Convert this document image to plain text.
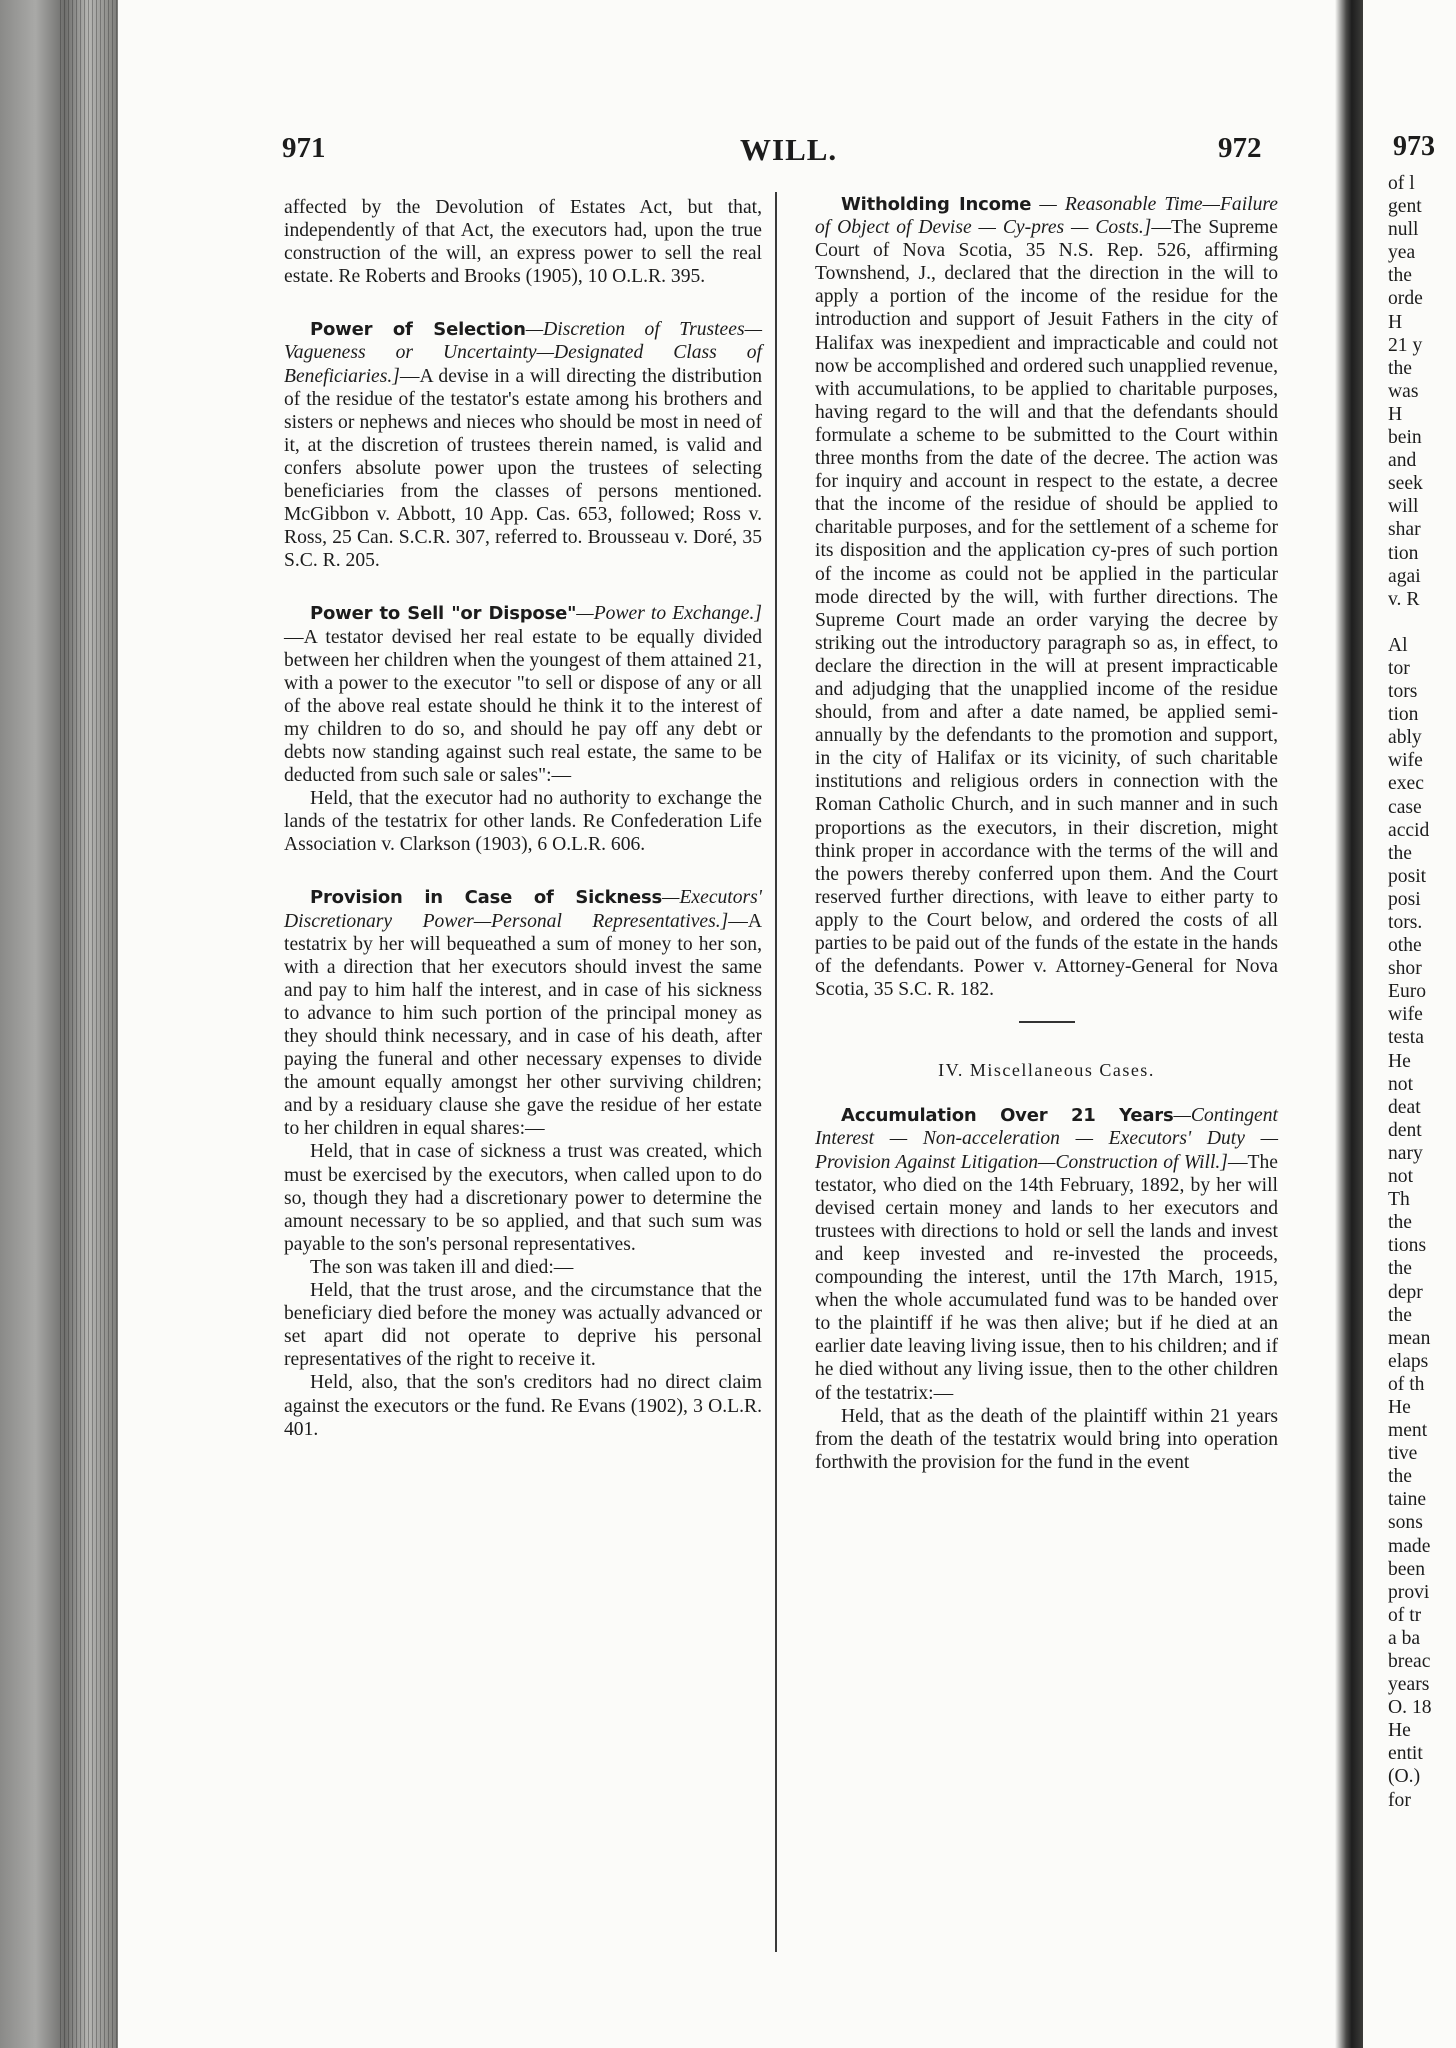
971	WILL.	972

affected by the Devolution of Estates Act, but that, independently of that Act, the executors had, upon the true construction of the will, an express power to sell the real estate. Re Roberts and Brooks (1905), 10 O.L.R. 395.

Power of Selection—Discretion of Trustees—Vagueness or Uncertainty—Designated Class of Beneficiaries.]—A devise in a will directing the distribution of the residue of the testator's estate among his brothers and sisters or nephews and nieces who should be most in need of it, at the discretion of trustees therein named, is valid and confers absolute power upon the trustees of selecting beneficiaries from the classes of persons mentioned. McGibbon v. Abbott, 10 App. Cas. 653, followed; Ross v. Ross, 25 Can. S.C.R. 307, referred to. Brousseau v. Doré, 35 S.C. R. 205.

Power to Sell "or Dispose"—Power to Exchange.]—A testator devised her real estate to be equally divided between her children when the youngest of them attained 21, with a power to the executor "to sell or dispose of any or all of the above real estate should he think it to the interest of my children to do so, and should he pay off any debt or debts now standing against such real estate, the same to be deducted from such sale or sales":—

Held, that the executor had no authority to exchange the lands of the testatrix for other lands. Re Confederation Life Association v. Clarkson (1903), 6 O.L.R. 606.

Provision in Case of Sickness—Executors' Discretionary Power—Personal Representatives.]—A testatrix by her will bequeathed a sum of money to her son, with a direction that her executors should invest the same and pay to him half the interest, and in case of his sickness to advance to him such portion of the principal money as they should think necessary, and in case of his death, after paying the funeral and other necessary expenses to divide the amount equally amongst her other surviving children; and by a residuary clause she gave the residue of her estate to her children in equal shares:—

Held, that in case of sickness a trust was created, which must be exercised by the executors, when called upon to do so, though they had a discretionary power to determine the amount necessary to be so applied, and that such sum was payable to the son's personal representatives.

The son was taken ill and died:—

Held, that the trust arose, and the circumstance that the beneficiary died before the money was actually advanced or set apart did not operate to deprive his personal representatives of the right to receive it.

Held, also, that the son's creditors had no direct claim against the executors or the fund. Re Evans (1902), 3 O.L.R. 401.

Witholding Income — Reasonable Time—Failure of Object of Devise — Cy-pres — Costs.]—The Supreme Court of Nova Scotia, 35 N.S. Rep. 526, affirming Townshend, J., declared that the direction in the will to apply a portion of the income of the residue for the introduction and support of Jesuit Fathers in the city of Halifax was inexpedient and impracticable and could not now be accomplished and ordered such unapplied revenue, with accumulations, to be applied to charitable purposes, having regard to the will and that the defendants should formulate a scheme to be submitted to the Court within three months from the date of the decree. The action was for inquiry and account in respect to the estate, a decree that the income of the residue of should be applied to charitable purposes, and for the settlement of a scheme for its disposition and the application cy-pres of such portion of the income as could not be applied in the particular mode directed by the will, with further directions. The Supreme Court made an order varying the decree by striking out the introductory paragraph so as, in effect, to declare the direction in the will at present impracticable and adjudging that the unapplied income of the residue should, from and after a date named, be applied semi-annually by the defendants to the promotion and support, in the city of Halifax or its vicinity, of such charitable institutions and religious orders in connection with the Roman Catholic Church, and in such manner and in such proportions as the executors, in their discretion, might think proper in accordance with the terms of the will and the powers thereby conferred upon them. And the Court reserved further directions, with leave to either party to apply to the Court below, and ordered the costs of all parties to be paid out of the funds of the estate in the hands of the defendants. Power v. Attorney-General for Nova Scotia, 35 S.C. R. 182.

IV. Miscellaneous Cases.

Accumulation Over 21 Years—Contingent Interest — Non-acceleration — Executors' Duty — Provision Against Litigation—Construction of Will.]—The testator, who died on the 14th February, 1892, by her will devised certain money and lands to her executors and trustees with directions to hold or sell the lands and invest and keep invested and re-invested the proceeds, compounding the interest, until the 17th March, 1915, when the whole accumulated fund was to be handed over to the plaintiff if he was then alive; but if he died at an earlier date leaving living issue, then to his children; and if he died without any living issue, then to the other children of the testatrix:—

Held, that as the death of the plaintiff within 21 years from the death of the testatrix would bring into operation forthwith the provision for the fund in the event

973
of l
gent
null
yea
the
orde
H
21 y
the
was
H
bein
and
seek
will
shar
tion
agai
v. R

Al
tor
tors
tion
ably
wife
exec
case
accid
the
posit
posi
tors.
othe
shor
Euro
wife
testa
He
not
deat
dent
nary
not
Th
the
tions
the
depr
the
mean
elaps
of th
He
ment
tive
the
taine
sons
made
been
provi
of tr
a ba
breac
years
O. 18
He
entit
(O.)
for
